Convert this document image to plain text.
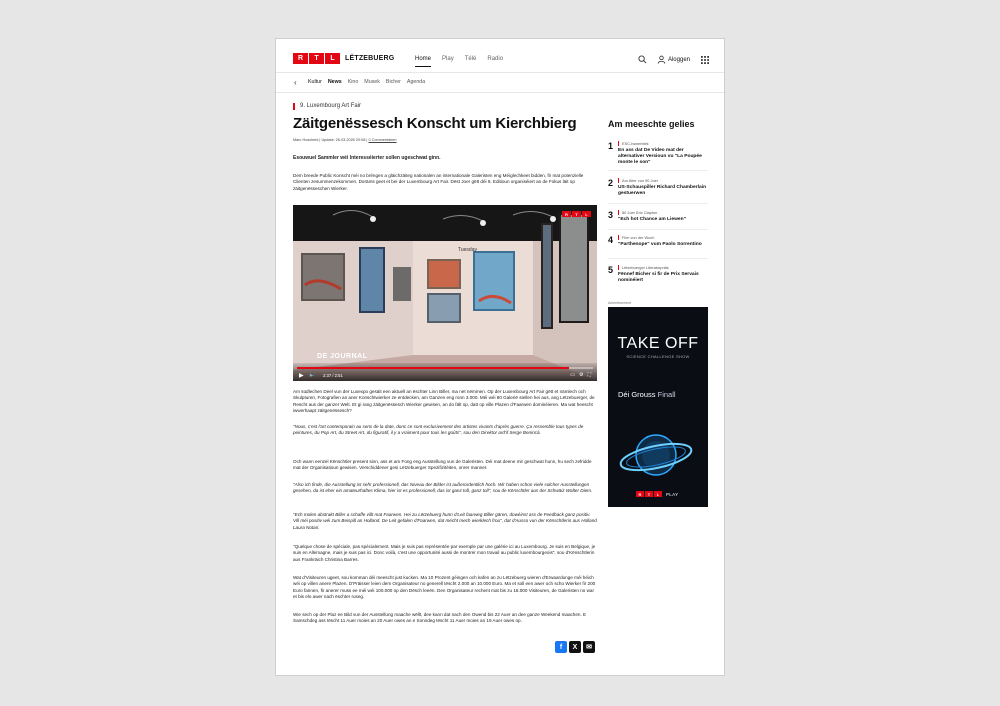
R	T	L	LËTZEBUERG	Home Play Télé Radio	Aloggen
‹ Kultur News Kino Musek Bicher Agenda
9. Luxembourg Art Fair
Zäitgenëssesch Konscht um Kierchbierg
Marc Hoscheid | Update: 26.03.2026 20:08 | 0 Commentairen

Esouwuel Sammler wéi Interesséierter sollen ugeschwat ginn.

Dem breede Public Konscht méi no bréngen a gläichzäiteg nationalen an internationale Galeristen eng Méiglechkeet bidden, fir mat potenzielle Clienten zesummenzekommen. Doräms geet et bei der Luxembourg Art Fair. Dëst Joer gëtt déi 9. Editioun organiséiert an de Fokus läit op zäitgenësseschen Wierker.

Tuesday
R	T	L
DE JOURNAL
▶ 🔈 2:37 / 2:51	▭ ⚙ ⛶

Am südlechen Deel vun der Luxexpo gesäit een aktuell an ëschter Linn Biller, ma net nëmmen. Op der Luxembourg Art Fair gëtt et nämlech och Skulpturen, Fotografien an aner Konschtwierker ze entdecken, am Ganzen eng ronn 3.000. Méi wéi 80 Galerië stellen hei aus, ang Lëtzebuerger, de Rescht aus der ganzer Welt. Et gi rang zäitgenëssesch Wierker gewisen, an do fält op, datt op ville Plazen d'Faarwen dominéieren. Ma wat heescht iwwerhaapt zäitgenëssesch?

"Nous, c'est l'art contemporain au sens de la date, donc ce sont exclusivement des artistes vivants d'après guerre. Ça ressemble tous types de peintures, du Pop Art, du Street Art, du figuratif, il y a vraiment pour tous les goûts", sou den Direktor ard'if Serge Benincà.

Och wann eenzel Kënschtler present sinn, ass et am Fong eng Ausstellung vun de Galeristen. Déi mat deene mir geschwat hunn, hu sech zefridde mat der Organisatioun gewisen. Verschiddener gesi Lëtzebuerger Spezifizitéiten, onrer manner.

"Also ich finde, die Ausstellung ist sehr professionell, das Niveau der Bilder ist außerordentlich hoch. Wir haben schon viele solcher Ausstellungen gesehen, da ist eher ein amateurhaftes Klima, hier ist es professionell, das ist ganz toll, ganz toll", sou de Kënschtler aus der Schwäiz Walter Diem.

"Ech molen abstrakt Biller a schaffe villt mat Faarwen. Hei zu Lëtzebuerg hunn d'Leit faarweg Biller gären, dowéinst ass de Feedback ganz positiv. Vill méi positiv wéi zum Beispill an Holland. De Leit gefalen d'Faarwen, dat mécht mech wierklech frou", dat d'Ausso vun der Kënschtlerin aus Holland Laura Notari.

"Quelque chose de spéciale, pas spécialement. Mais je suis pas représentée par exemple par une galérie ici au Luxembourg. Je suis en Belgique, je suis en Allemagne, mais je suis pas ici. Donc voilà, c'est une opportunité aussi de montrer mon travail au public luxembourgeois", sou d'Kënschtlerin aus Frankräich Christina Barres.

Wat d'Visiteuren ugeet, sou komman déi meescht just kucken. Ma 10 Prozent géingen och kafen an zu Lëtzebuerg wieren d'Erwaardunge méi héich wéi op villen anere Plazen. D'Präisser leien dem Organisateur no generell tëscht 2.000 an 10.000 Euro. Ma et soll een awer och scho Wierker fir 200 Euro fannen, fir anerer muss ee méi wéi 100.000 op den Dësch leeën. Den Organisateur rechent mat bis zu 18.000 Visiteuren, de Galeristen no war et bis elo awer nach ëschter ruseg.

Wie sech op der Plaz ee Bild vun der Ausstellung maache wëllt, dee kann dat nach den Owend bis 22 Auer an dee ganze Weekend maachen. E Samschdeg ass tëscht 11 Auer moies an 20 Auer owes an e Sonndeg tëscht 11 Auer moies an 19 Auer owes op.

f	X	✉
Am meeschte gelies
1	ESC-Iwwerblek
En ass dat De Video mat der alternativer Versioun vu "La Poupée monte le son"
2	Am Alter vun 90 Joer
US-Schauspiller Richard Chamberlain gestuerwen
3	80 Joer Eric Clapton
"Ech hot Chance am Liewen"
4	Film vun der Woch
"Parthenope" vum Paolo Sorrentino
5	Lëtzebuerger Literaturpräis
Fënnef Bicher si fir de Prix Servais nominéiert
Advertisement
TAKE OFF
SCIENCE CHALLENGE SHOW
Déi Grouss Finall
R	T	L	PLAY
